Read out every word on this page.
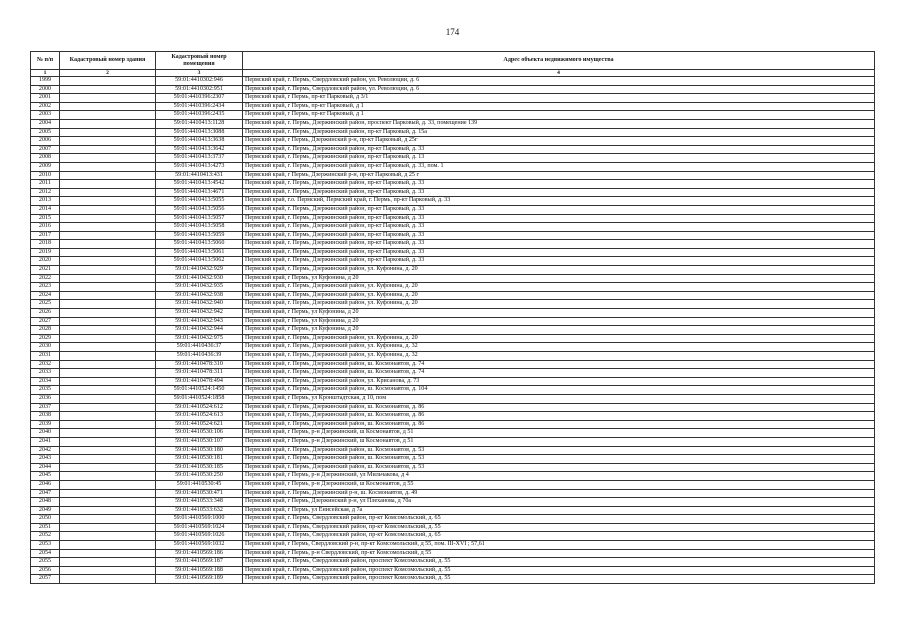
174
№ п/п	Кадастровый номер здания	Кадастровый номер помещения	Адрес объекта недвижимого имущества
1	2	3	4
1999		59:01:4410302:946	Пермский край, г. Пермь, Свердловский район, ул. Революции, д. 6
2000		59:01:4410302:951	Пермский край, г. Пермь, Свердловский район, ул. Революции, д. 6
2001		59:01:4410396:2307	Пермский край, г Пермь, пр-кт Парковый, д 3/1
2002		59:01:4410396:2434	Пермский край, г Пермь, пр-кт Парковый, д 1
2003		59:01:4410396:2435	Пермский край, г Пермь, пр-кт Парковый, д 1
2004		59:01:4410413:1128	Пермский край, г. Пермь, Дзержинский район, проспект Парковый, д. 33, помещение 139
2005		59:01:4410413:3088	Пермский край, г. Пермь, Дзержинский район, пр-кт Парковый, д. 15а
2006		59:01:4410413:3638	Пермский край, г Пермь, Дзержинский р-н, пр-кт Парковый, д 25г
2007		59:01:4410413:3642	Пермский край, г. Пермь, Дзержинский район, пр-кт Парковый, д. 33
2008		59:01:4410413:3737	Пермский край, г. Пермь, Дзержинский район, пр-кт Парковый, д. 13
2009		59:01:4410413:4273	Пермский край, г. Пермь, Дзержинский район, пр-кт Парковый, д. 33, пом. 1
2010		59:01:4410413:431	Пермский край, г Пермь, Дзержинский р-н, пр-кт Парковый, д 25 г
2011		59:01:4410413:4542	Пермский край, г. Пермь, Дзержинский район, пр-кт Парковый, д. 33
2012		59:01:4410413:4671	Пермский край, г. Пермь, Дзержинский район, пр-кт Парковый, д. 33
2013		59:01:4410413:5055	Пермский край, г.о. Пермский, Пермский край, г. Пермь, пр-кт Парковый, д. 33
2014		59:01:4410413:5056	Пермский край, г. Пермь, Дзержинский район, пр-кт Парковый, д. 33
2015		59:01:4410413:5057	Пермский край, г. Пермь, Дзержинский район, пр-кт Парковый, д. 33
2016		59:01:4410413:5058	Пермский край, г. Пермь, Дзержинский район, пр-кт Парковый, д. 33
2017		59:01:4410413:5059	Пермский край, г. Пермь, Дзержинский район, пр-кт Парковый, д. 33
2018		59:01:4410413:5060	Пермский край, г. Пермь, Дзержинский район, пр-кт Парковый, д. 33
2019		59:01:4410413:5061	Пермский край, г. Пермь, Дзержинский район, пр-кт Парковый, д. 33
2020		59:01:4410413:5062	Пермский край, г. Пермь, Дзержинский район, пр-кт Парковый, д. 33
2021		59:01:4410432:929	Пермский край, г. Пермь, Дзержинский район, ул. Куфонина, д. 20
2022		59:01:4410432:930	Пермский край, г Пермь, ул Куфонина, д 20
2023		59:01:4410432:935	Пермский край, г. Пермь, Дзержинский район, ул. Куфонина, д. 20
2024		59:01:4410432:938	Пермский край, г. Пермь, Дзержинский район, ул. Куфонина, д. 20
2025		59:01:4410432:940	Пермский край, г. Пермь, Дзержинский район, ул. Куфонина, д. 20
2026		59:01:4410432:942	Пермский край, г Пермь, ул Куфонина, д 20
2027		59:01:4410432:943	Пермский край, г Пермь, ул Куфонина, д 20
2028		59:01:4410432:944	Пермский край, г Пермь, ул Куфонина, д 20
2029		59:01:4410432:975	Пермский край, г. Пермь, Дзержинский район, ул. Куфонина, д. 20
2030		59:01:4410436:37	Пермский край, г. Пермь, Дзержинский район, ул. Куфонина, д. 32
2031		59:01:4410436:39	Пермский край, г. Пермь, Дзержинский район, ул. Куфонина, д. 32
2032		59:01:4410478:310	Пермский край, г. Пермь, Дзержинский район, ш. Космонавтов, д. 74
2033		59:01:4410478:311	Пермский край, г. Пермь, Дзержинский район, ш. Космонавтов, д. 74
2034		59:01:4410478:494	Пермский край, г. Пермь, Дзержинский район, ул. Крисанова, д. 73
2035		59:01:4410524:1450	Пермский край, г. Пермь, Дзержинский район, ш. Космонавтов, д. 104
2036		59:01:4410524:1858	Пермский край, г Пермь, ул Кронштадтская, д 10, пом
2037		59:01:4410524:612	Пермский край, г. Пермь, Дзержинский район, ш. Космонавтов, д. 86
2038		59:01:4410524:613	Пермский край, г. Пермь, Дзержинский район, ш. Космонавтов, д. 86
2039		59:01:4410524:621	Пермский край, г. Пермь, Дзержинский район, ш. Космонавтов, д. 86
2040		59:01:4410530:106	Пермский край, г Пермь, р-н Дзержинский, ш Космонавтов, д 51
2041		59:01:4410530:107	Пермский край, г Пермь, р-н Дзержинский, ш Космонавтов, д 51
2042		59:01:4410530:180	Пермский край, г. Пермь, Дзержинский район, ш. Космонавтов, д. 53
2043		59:01:4410530:181	Пермский край, г. Пермь, Дзержинский район, ш. Космонавтов, д. 53
2044		59:01:4410530:185	Пермский край, г. Пермь, Дзержинский район, ш. Космонавтов, д. 53
2045		59:01:4410530:250	Пермский край, г Пермь, р-н Дзержинский, ул Мильчакова, д 4
2046		59:01:4410530:45	Пермский край, г Пермь, р-н Дзержинский, ш Космонавтов, д 55
2047		59:01:4410530:471	Пермский край, г. Пермь, Дзержинский р-н, ш. Космонавтов, д. 49
2048		59:01:4410533:348	Пермский край, г Пермь, Дзержинский р-н, ул Плеханова, д 70а
2049		59:01:4410533:632	Пермский край, г Пермь, ул Енисейская, д 7а
2050		59:01:4410569:1000	Пермский край, г. Пермь, Свердловский район, пр-кт Комсомольский, д. 65
2051		59:01:4410569:1024	Пермский край, г. Пермь, Свердловский район, пр-кт Комсомольский, д. 55
2052		59:01:4410569:1026	Пермский край, г. Пермь, Свердловский район, пр-кт Комсомольский, д. 65
2053		59:01:4410569:1032	Пермский край, г Пермь, Свердловский р-н, пр-кт Комсомольский, д 55, пом. III-XVI ; 57,61
2054		59:01:4410569:186	Пермский край, г Пермь, р-н Свердловский, пр-кт Комсомольский, д 55
2055		59:01:4410569:187	Пермский край, г. Пермь, Свердловский район, проспект Комсомольский, д. 55
2056		59:01:4410569:188	Пермский край, г. Пермь, Свердловский район, проспект Комсомольский, д. 55
2057		59:01:4410569:189	Пермский край, г. Пермь, Свердловский район, проспект Комсомольский, д. 55
